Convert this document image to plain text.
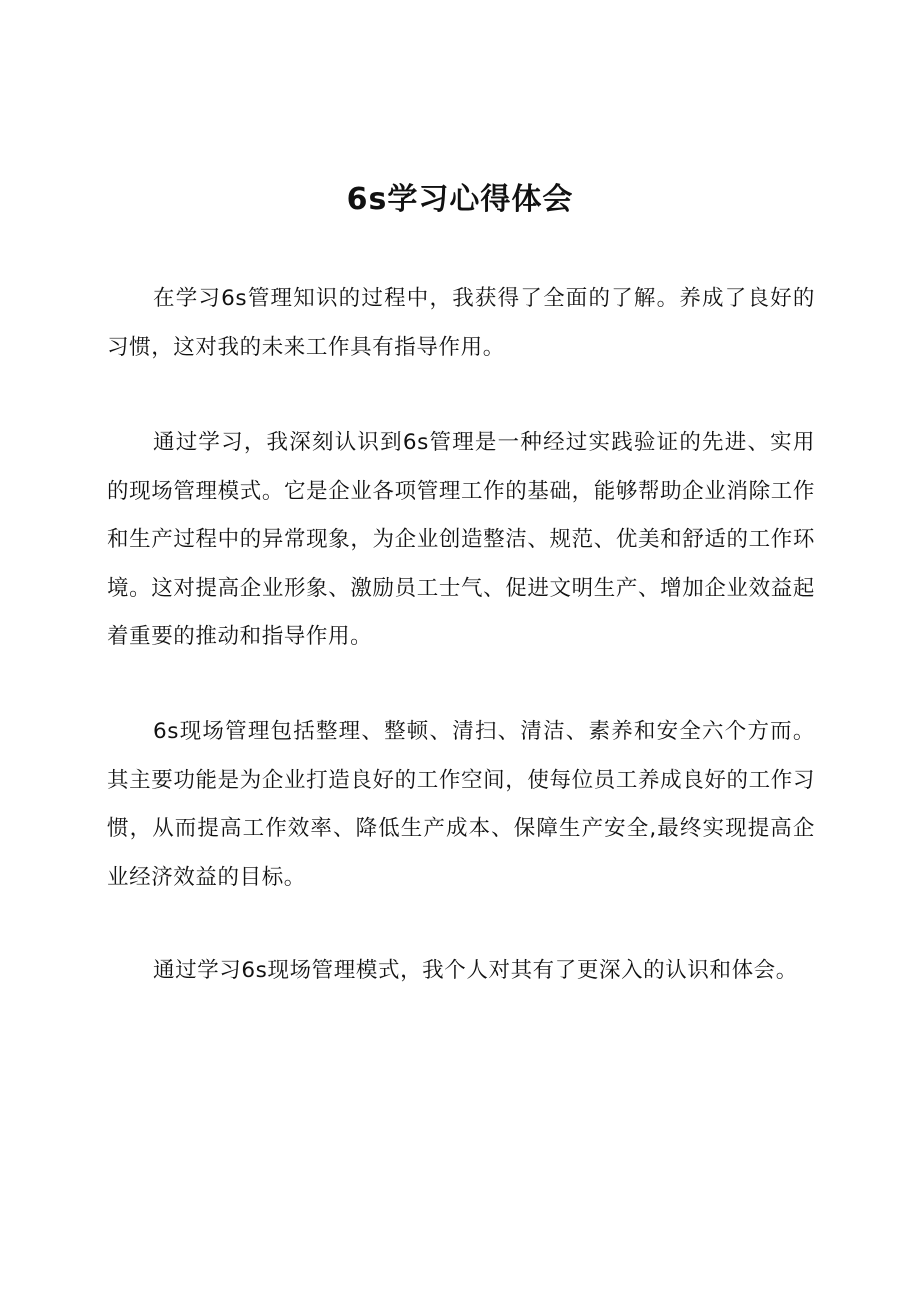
6s学习心得体会

在学习6s管理知识的过程中，我获得了全面的了解。养成了良好的习惯，这对我的未来工作具有指导作用。

通过学习，我深刻认识到6s管理是一种经过实践验证的先进、实用的现场管理模式。它是企业各项管理工作的基础，能够帮助企业消除工作和生产过程中的异常现象，为企业创造整洁、规范、优美和舒适的工作环境。这对提高企业形象、激励员工士气、促进文明生产、增加企业效益起着重要的推动和指导作用。

6s现场管理包括整理、整顿、清扫、清洁、素养和安全六个方而。其主要功能是为企业打造良好的工作空间，使每位员工养成良好的工作习惯，从而提高工作效率、降低生产成本、保障生产安全,最终实现提高企业经济效益的目标。

通过学习6s现场管理模式，我个人对其有了更深入的认识和体会。
